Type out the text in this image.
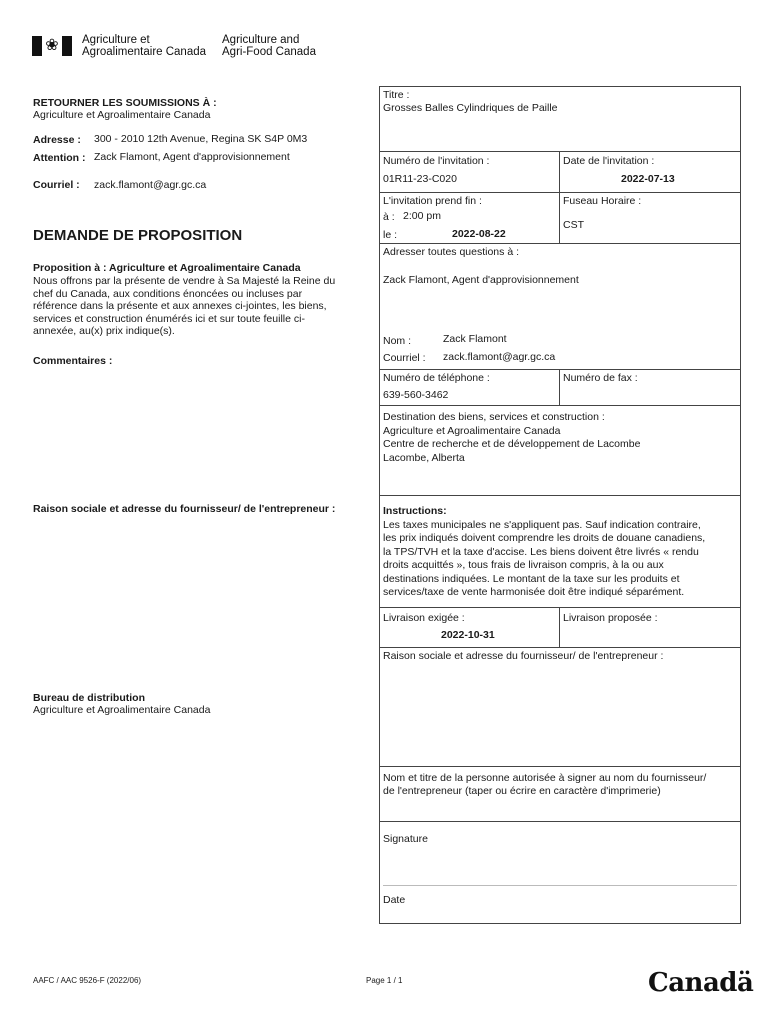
❀ Agriculture et
Agroalimentaire Canada
Agriculture and
Agri-Food Canada
RETOURNER LES SOUMISSIONS À :
Agriculture et Agroalimentaire Canada
Adresse : 300 - 2010 12th Avenue, Regina SK S4P 0M3
Attention : Zack Flamont, Agent d'approvisionnement
Courriel : zack.flamont@agr.gc.ca
DEMANDE DE PROPOSITION
Proposition à : Agriculture et Agroalimentaire Canada
Nous offrons par la présente de vendre à Sa Majesté la Reine du
chef du Canada, aux conditions énoncées ou incluses par
référence dans la présente et aux annexes ci-jointes, les biens,
services et construction énumérés ici et sur toute feuille ci-
annexée, au(x) prix indique(s).
Commentaires :
Raison sociale et adresse du fournisseur/ de l'entrepreneur :
Bureau de distribution
Agriculture et Agroalimentaire Canada
Titre :
Grosses Balles Cylindriques de Paille
Numéro de l'invitation :
01R11-23-C020
Date de l'invitation :
2022-07-13
L'invitation prend fin :
à : 2:00 pm
le :	2022-08-22
Fuseau Horaire :
CST
Adresser toutes questions à :
Zack Flamont, Agent d'approvisionnement
Nom :	Zack Flamont
Courriel : zack.flamont@agr.gc.ca
Numéro de téléphone :
639-560-3462
Numéro de fax :
Destination des biens, services et construction :
Agriculture et Agroalimentaire Canada
Centre de recherche et de développement de Lacombe
Lacombe, Alberta
Instructions:
Les taxes municipales ne s'appliquent pas. Sauf indication contraire,
les prix indiqués doivent comprendre les droits de douane canadiens,
la TPS/TVH et la taxe d'accise. Les biens doivent être livrés « rendu
droits acquittés », tous frais de livraison compris, à la ou aux
destinations indiquées. Le montant de la taxe sur les produits et
services/taxe de vente harmonisée doit être indiqué séparément.
Livraison exigée :
2022-10-31
Livraison proposée :
Raison sociale et adresse du fournisseur/ de l'entrepreneur :
Nom et titre de la personne autorisée à signer au nom du fournisseur/
de l'entrepreneur (taper ou écrire en caractère d'imprimerie)
Signature
Date
AAFC / AAC 9526-F (2022/06)	Page 1 / 1	Canadä
